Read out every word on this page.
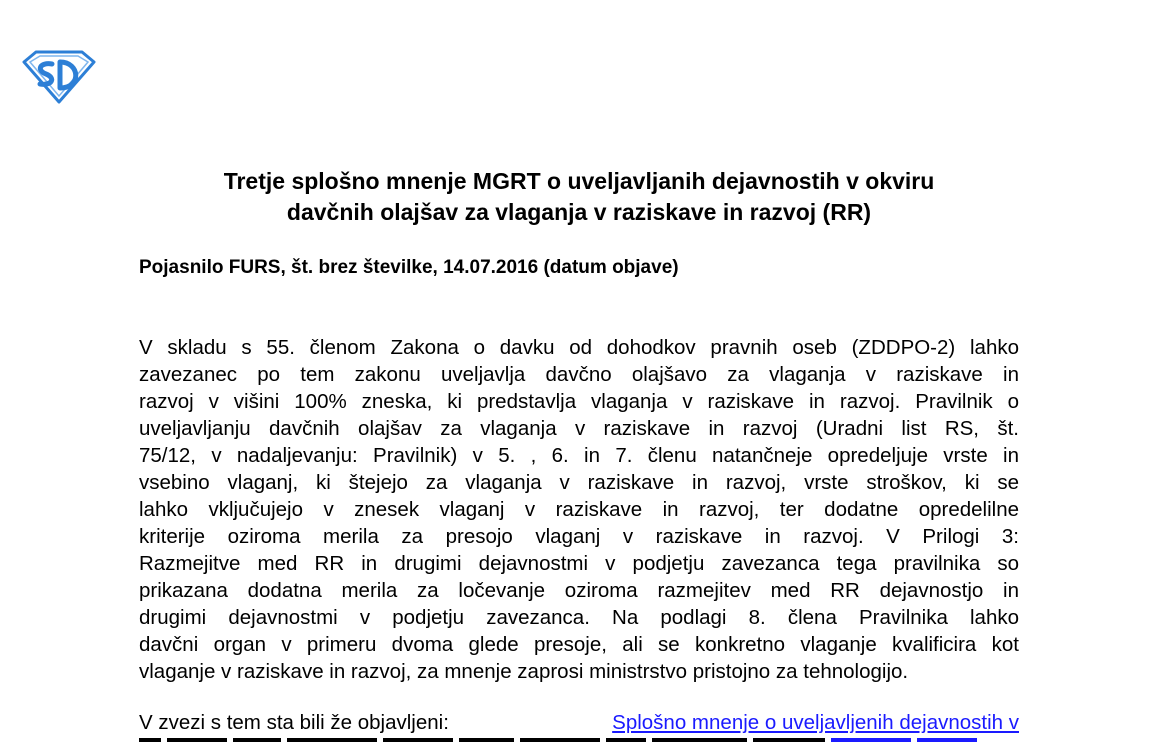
Tretje splošno mnenje MGRT o uveljavljanih dejavnostih v okviru
davčnih olajšav za vlaganja v raziskave in razvoj (RR)
Pojasnilo FURS, št. brez številke, 14.07.2016 (datum objave)
V skladu s 55. členom Zakona o davku od dohodkov pravnih oseb (ZDDPO-2) lahko
zavezanec po tem zakonu uveljavlja davčno olajšavo za vlaganja v raziskave in
razvoj v višini 100% zneska, ki predstavlja vlaganja v raziskave in razvoj. Pravilnik o
uveljavljanju davčnih olajšav za vlaganja v raziskave in razvoj (Uradni list RS, št.
75/12, v nadaljevanju: Pravilnik) v 5. , 6. in 7. členu natančneje opredeljuje vrste in
vsebino vlaganj, ki štejejo za vlaganja v raziskave in razvoj, vrste stroškov, ki se
lahko vključujejo v znesek vlaganj v raziskave in razvoj, ter dodatne opredelilne
kriterije oziroma merila za presojo vlaganj v raziskave in razvoj. V Prilogi 3:
Razmejitve med RR in drugimi dejavnostmi v podjetju zavezanca tega pravilnika so
prikazana dodatna merila za ločevanje oziroma razmejitev med RR dejavnostjo in
drugimi dejavnostmi v podjetju zavezanca. Na podlagi 8. člena Pravilnika lahko
davčni organ v primeru dvoma glede presoje, ali se konkretno vlaganje kvalificira kot
vlaganje v raziskave in razvoj, za mnenje zaprosi ministrstvo pristojno za tehnologijo.
V zvezi s tem sta bili že objavljeni:	Splošno mnenje o uveljavljenih dejavnostih v
